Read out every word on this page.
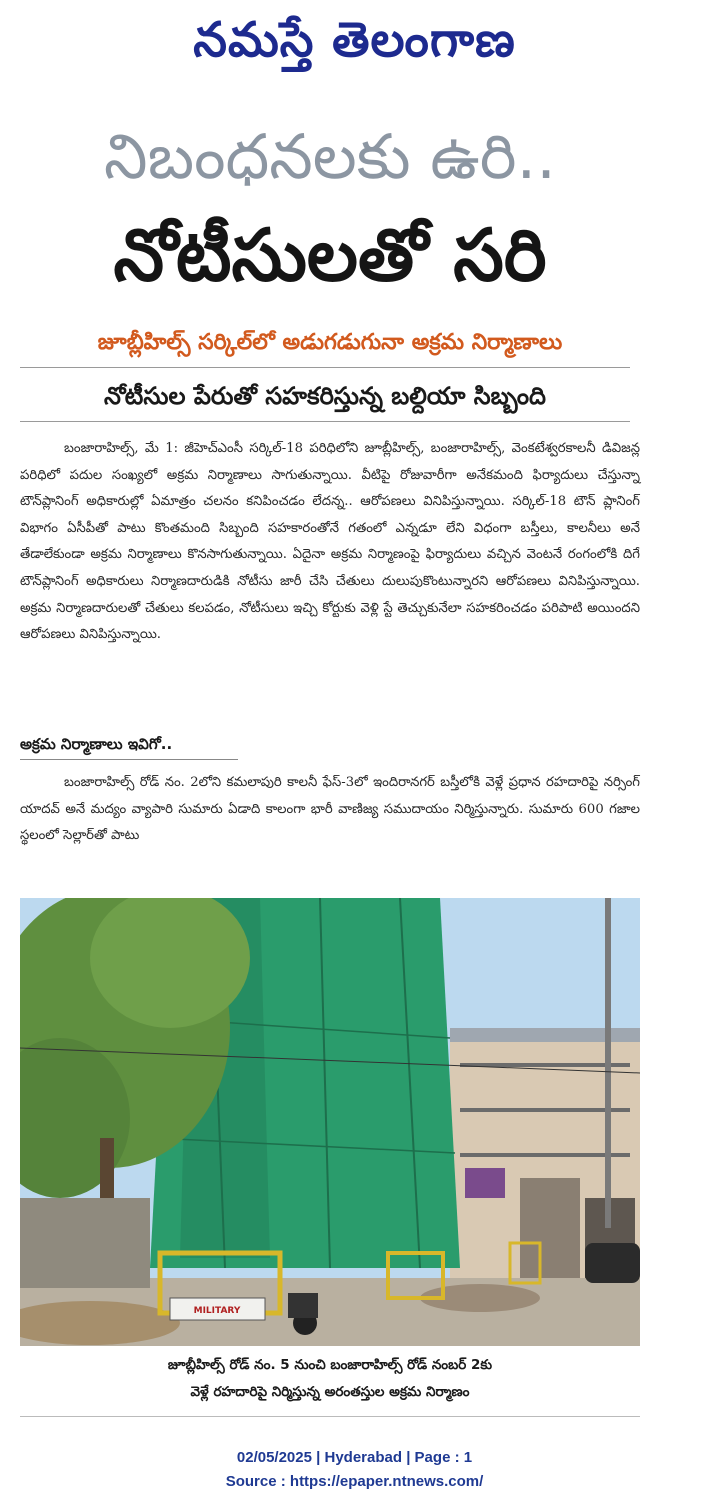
నమస్తే తెలంగాణ
నిబంధనలకు ఉరి..
నోటీసులతో సరి
జూబ్లీహిల్స్ సర్కిల్‌లో అడుగడుగునా అక్రమ నిర్మాణాలు
నోటీసుల పేరుతో సహకరిస్తున్న బల్దియా సిబ్బంది

బంజారాహిల్స్, మే 1: జీహెచ్‌ఎంసీ సర్కిల్-18 పరిధిలోని జూబ్లీహిల్స్, బంజారాహిల్స్, వెంకటేశ్వరకాలనీ డివిజన్ల పరిధిలో పదుల సంఖ్యలో అక్రమ నిర్మాణాలు సాగుతున్నాయి. వీటిపై రోజువారీగా అనేకమంది ఫిర్యాదులు చేస్తున్నా టౌన్‌ప్లానింగ్ అధికారుల్లో ఏమాత్రం చలనం కనిపించడం లేదన్న.. ఆరోపణలు వినిపిస్తున్నాయి. సర్కిల్-18 టౌన్ ప్లానింగ్ విభాగం ఏసీపీతో పాటు కొంతమంది సిబ్బంది సహకారంతోనే గతంలో ఎన్నడూ లేని విధంగా బస్తీలు, కాలనీలు అనే తేడాలేకుండా అక్రమ నిర్మాణాలు కొనసాగుతున్నాయి. ఏదైనా అక్రమ నిర్మాణంపై ఫిర్యాదులు వచ్చిన వెంటనే రంగంలోకి దిగే టౌన్‌ప్లానింగ్ అధికారులు నిర్మాణదారుడికి నోటీసు జారీ చేసి చేతులు దులుపుకొంటున్నారని ఆరోపణలు వినిపిస్తున్నాయి. అక్రమ నిర్మాణదారులతో చేతులు కలపడం, నోటీసులు ఇచ్చి కోర్టుకు వెళ్లి స్టే తెచ్చుకునేలా సహకరించడం పరిపాటి అయిందని ఆరోపణలు వినిపిస్తున్నాయి.

అక్రమ నిర్మాణాలు ఇవిగో..

బంజారాహిల్స్ రోడ్ నం. 2లోని కమలాపురి కాలనీ ఫేస్-3లో ఇందిరానగర్ బస్తీలోకి వెళ్లే ప్రధాన రహదారిపై నర్సింగ్ యాదవ్ అనే మద్యం వ్యాపారి సుమారు ఏడాది కాలంగా భారీ వాణిజ్య సముదాయం నిర్మిస్తున్నారు. సుమారు 600 గజాల స్థలంలో సెల్లార్‌తో పాటు

MILITARY
జూబ్లీహిల్స్ రోడ్ నం. 5 నుంచి బంజారాహిల్స్ రోడ్ నంబర్ 2కు
వెళ్లే రహదారిపై నిర్మిస్తున్న అరంతస్తుల అక్రమ నిర్మాణం
02/05/2025 | Hyderabad | Page : 1
Source : https://epaper.ntnews.com/
